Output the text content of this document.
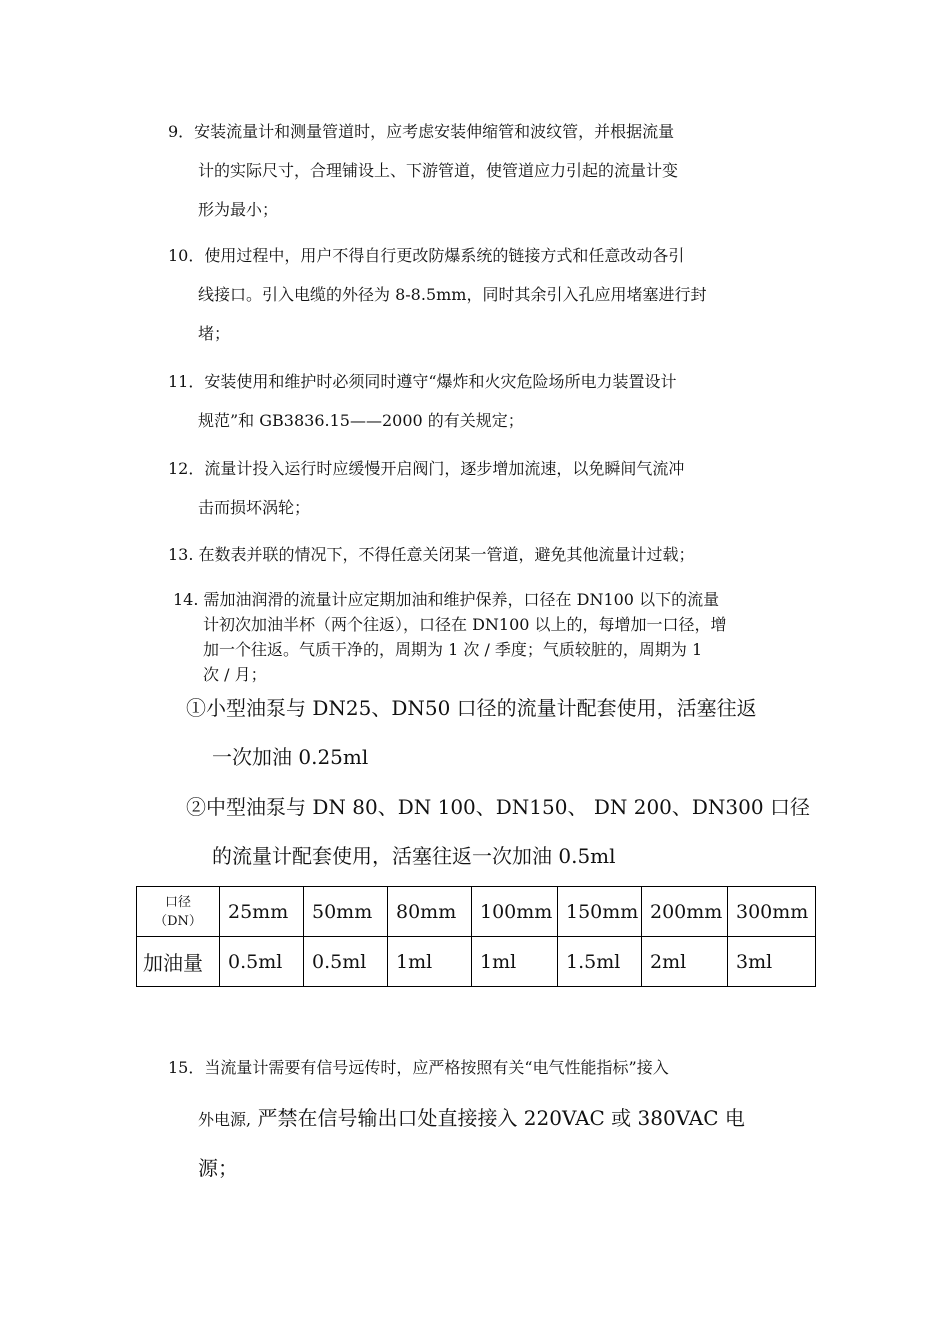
9．安装流量计和测量管道时，应考虑安装伸缩管和波纹管，并根据流量
计的实际尺寸，合理铺设上、下游管道，使管道应力引起的流量计变
形为最小；
10．使用过程中，用户不得自行更改防爆系统的链接方式和任意改动各引
线接口。引入电缆的外径为 8-8.5mm，同时其余引入孔应用堵塞进行封
堵；
11．安装使用和维护时必须同时遵守“爆炸和火灾危险场所电力装置设计
规范”和 GB3836.15——2000 的有关规定；
12．流量计投入运行时应缓慢开启阀门，逐步增加流速，以免瞬间气流冲
击而损坏涡轮；
13. 在数表并联的情况下，不得任意关闭某一管道，避免其他流量计过载；
14. 需加油润滑的流量计应定期加油和维护保养，口径在 DN100 以下的流量
计初次加油半杯（两个往返），口径在 DN100 以上的，每增加一口径，增
加一个往返。气质干净的，周期为 1 次 / 季度；气质较脏的，周期为 1
次 / 月；
①小型油泵与 DN25、DN50 口径的流量计配套使用，活塞往返
一次加油 0.25ml
②中型油泵与 DN 80、DN 100、DN150、 DN 200、DN300 口径
的流量计配套使用，活塞往返一次加油 0.5ml
口径
（DN）	25mm	50mm	80mm	100mm	150mm	200mm	300mm
加油量	0.5ml	0.5ml	1ml	1ml	1.5ml	2ml	3ml
15．当流量计需要有信号远传时，应严格按照有关“电气性能指标”接入
外电源, 严禁在信号输出口处直接接入 220VAC 或 380VAC 电
源；
